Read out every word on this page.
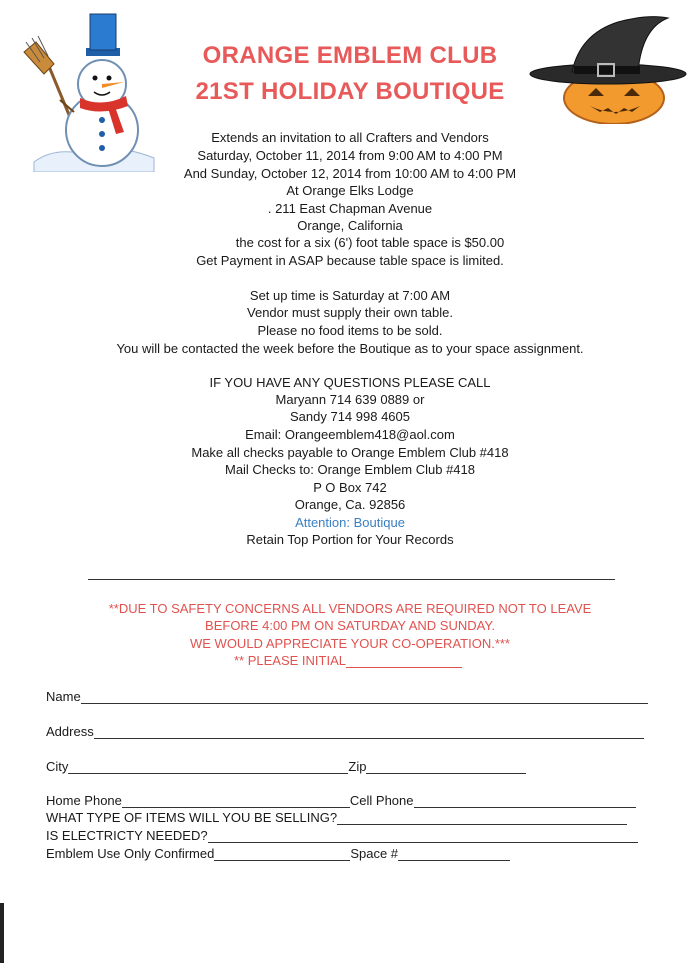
ORANGE EMBLEM CLUB
21ST HOLIDAY BOUTIQUE
Extends an invitation to all Crafters and Vendors
Saturday, October 11, 2014 from 9:00 AM to 4:00 PM
And Sunday, October 12, 2014 from 10:00 AM to 4:00 PM
At Orange Elks Lodge
. 211 East Chapman Avenue
Orange, California
the cost for a six (6') foot table space is $50.00
Get Payment in ASAP because table space is limited.
Set up time is Saturday at 7:00 AM
Vendor must supply their own table.
Please no food items to be sold.
You will be contacted the week before the Boutique as to your space assignment.
IF YOU HAVE ANY QUESTIONS PLEASE CALL
Maryann 714 639 0889 or
Sandy 714 998 4605
Email: Orangeemblem418@aol.com
Make all checks payable to Orange Emblem Club #418
Mail Checks to: Orange Emblem Club #418
P O Box 742
Orange, Ca. 92856
Attention: Boutique
Retain Top Portion for Your Records
**DUE TO SAFETY CONCERNS ALL VENDORS ARE REQUIRED NOT TO LEAVE
BEFORE 4:00 PM ON SATURDAY AND SUNDAY.
WE WOULD APPRECIATE YOUR CO-OPERATION.***
** PLEASE INITIAL
Name
Address
City	Zip
Home Phone	Cell Phone
WHAT TYPE OF ITEMS WILL YOU BE SELLING?
IS ELECTRICTY NEEDED?
Emblem Use Only Confirmed	Space #
